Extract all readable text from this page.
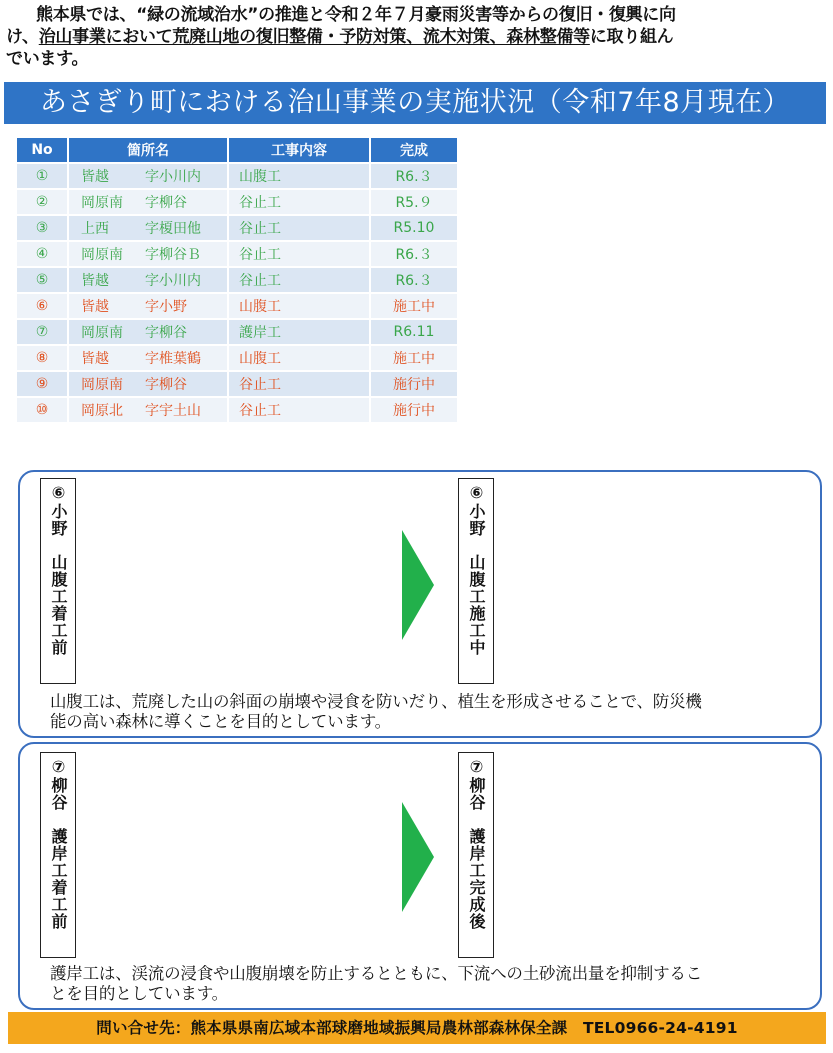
熊本県では、“緑の流域治水”の推進と令和２年７月豪雨災害等からの復旧・復興に向
け、治山事業において荒廃山地の復旧整備・予防対策、流木対策、森林整備等に取り組ん
でいます。
あさぎり町における治山事業の実施状況（令和7年8月現在）
No	箇所名	工事内容	完成
①	皆越 字小川内	山腹工	R6.３
②	岡原南 字柳谷	谷止工	R5.９
③	上西 字榎田他	谷止工	R5.10
④	岡原南 字柳谷Ｂ	谷止工	R6.３
⑤	皆越 字小川内	谷止工	R6.３
⑥	皆越 字小野	山腹工	施工中
⑦	岡原南 字柳谷	護岸工	R6.11
⑧	皆越 字椎葉鶴	山腹工	施工中
⑨	岡原南 字柳谷	谷止工	施行中
⑩	岡原北 字宇土山	谷止工	施行中
⑥小野　山腹工着工前	⑥小野　山腹工施工中
山腹工は、荒廃した山の斜面の崩壊や浸食を防いだり、植生を形成させることで、防災機
能の高い森林に導くことを目的としています。
⑦柳谷　護岸工着工前	⑦柳谷　護岸工完成後
護岸工は、渓流の浸食や山腹崩壊を防止するとともに、下流への土砂流出量を抑制するこ
とを目的としています。
問い合せ先：熊本県県南広域本部球磨地域振興局農林部森林保全課　TEL0966-24-4191
